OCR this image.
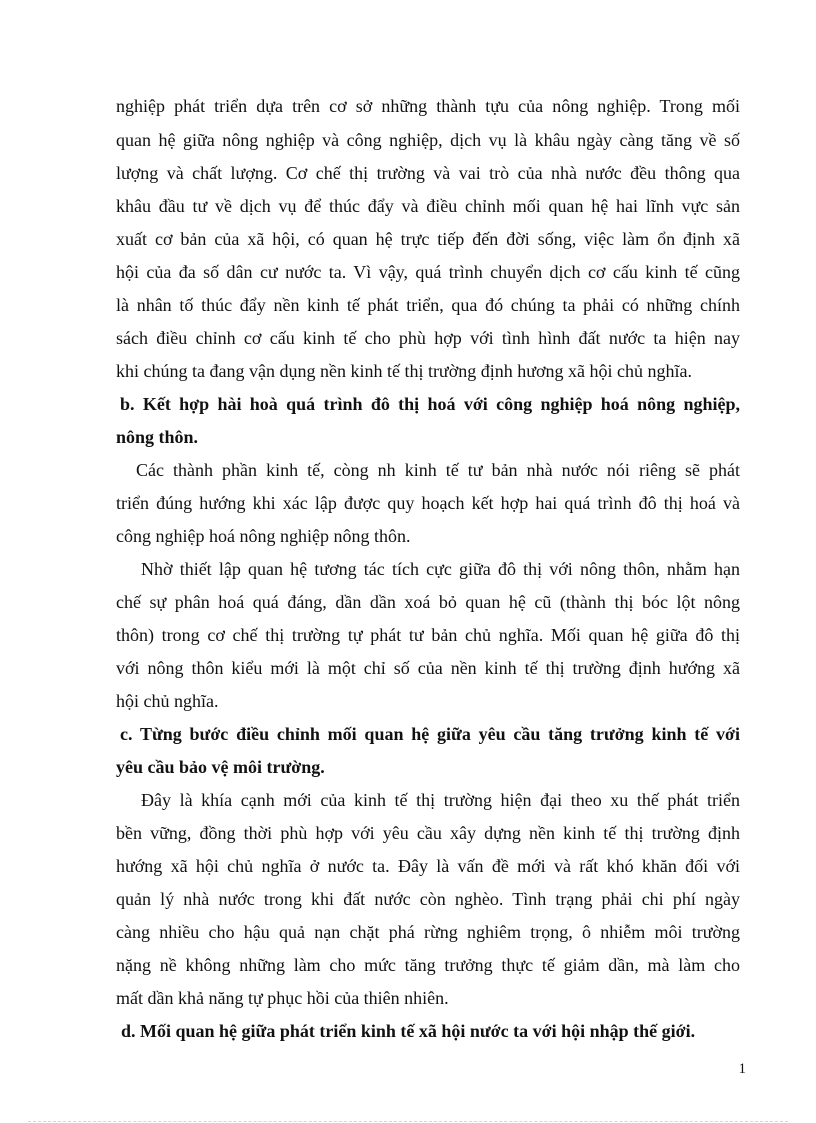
nghiệp phát triển dựa trên cơ sở những thành tựu của nông nghiệp. Trong mối
quan hệ giữa nông nghiệp và công nghiệp, dịch vụ là khâu ngày càng tăng về số
lượng và chất lượng. Cơ chế thị trường và vai trò của nhà nước đều thông qua
khâu đầu tư về dịch vụ để thúc đẩy và điều chỉnh mối quan hệ hai lĩnh vực sản
xuất cơ bản của xã hội, có quan hệ trực tiếp đến đời sống, việc làm ổn định xã
hội của đa số dân cư nước ta. Vì vậy, quá trình chuyển dịch cơ cấu kinh tế cũng
là nhân tố thúc đẩy nền kinh tế phát triển, qua đó chúng ta phải có những chính
sách điều chỉnh cơ cấu kinh tế cho phù hợp với tình hình đất nước ta hiện nay
khi chúng ta đang vận dụng nền kinh tế thị trường định hương xã hội chủ nghĩa.
b. Kết hợp hài hoà quá trình đô thị hoá với công nghiệp hoá nông nghiệp,
nông thôn.
Các thành phần kinh tế, còng nh kinh tế tư bản nhà nước nói riêng sẽ phát
triển đúng hướng khi xác lập được quy hoạch kết hợp hai quá trình đô thị hoá và
công nghiệp hoá nông nghiệp nông thôn.
Nhờ thiết lập quan hệ tương tác tích cực giữa đô thị với nông thôn, nhằm hạn
chế sự phân hoá quá đáng, dần dần xoá bỏ quan hệ cũ (thành thị bóc lột nông
thôn) trong cơ chế thị trường tự phát tư bản chủ nghĩa. Mối quan hệ giữa đô thị
với nông thôn kiểu mới là một chỉ số của nền kinh tế thị trường định hướng xã
hội chủ nghĩa.
c. Từng bước điều chỉnh mối quan hệ giữa yêu cầu tăng trưởng kinh tế với
yêu cầu bảo vệ môi trường.
Đây là khía cạnh mới của kinh tế thị trường hiện đại theo xu thế phát triển
bền vững, đồng thời phù hợp với yêu cầu xây dựng nền kinh tế thị trường định
hướng xã hội chủ nghĩa ở nước ta. Đây là vấn đề mới và rất khó khăn đối với
quản lý nhà nước trong khi đất nước còn nghèo. Tình trạng phải chi phí ngày
càng nhiều cho hậu quả nạn chặt phá rừng nghiêm trọng, ô nhiễm môi trường
nặng nề không những làm cho mức tăng trưởng thực tế giảm dần, mà làm cho
mất dần khả năng tự phục hồi của thiên nhiên.
d. Mối quan hệ giữa phát triển kinh tế xã hội nước ta với hội nhập thế giới.
1
